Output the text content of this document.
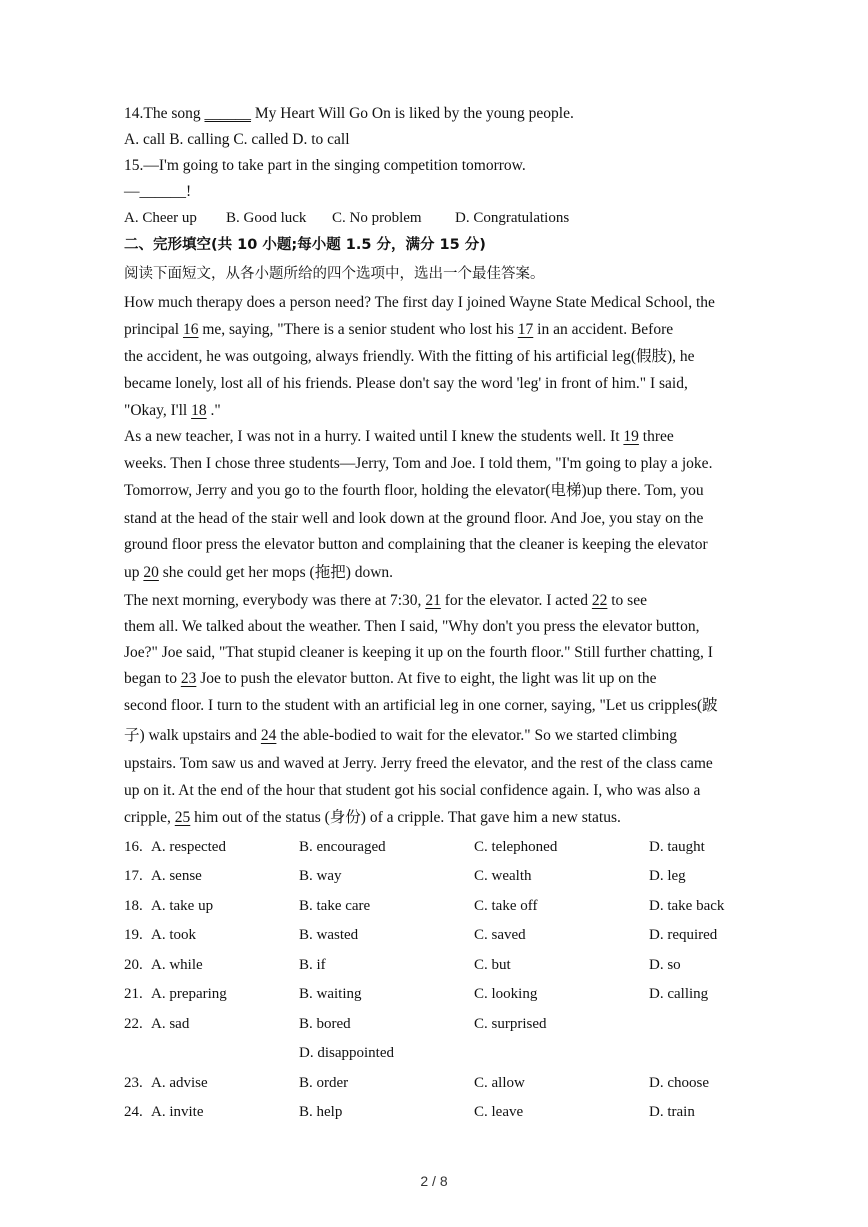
14.The song ______ My Heart Will Go On is liked by the young people.
A. call B. calling C. called D. to call
15.—I'm going to take part in the singing competition tomorrow.
—______!
A. Cheer up B. Good luck C. No problem D. Congratulations
二、完形填空(共 10 小题;每小题 1.5 分，满分 15 分)
阅读下面短文，从各小题所给的四个选项中，选出一个最佳答案。
How much therapy does a person need? The first day I joined Wayne State Medical School, the
principal 16 me, saying, "There is a senior student who lost his 17 in an accident. Before
the accident, he was outgoing, always friendly. With the fitting of his artificial leg(假肢), he
became lonely, lost all of his friends. Please don't say the word 'leg' in front of him." I said,
"Okay, I'll 18 ."
As a new teacher, I was not in a hurry. I waited until I knew the students well. It 19 three
weeks. Then I chose three students—Jerry, Tom and Joe. I told them, "I'm going to play a joke.
Tomorrow, Jerry and you go to the fourth floor, holding the elevator(电梯)up there. Tom, you
stand at the head of the stair well and look down at the ground floor. And Joe, you stay on the
ground floor press the elevator button and complaining that the cleaner is keeping the elevator
up 20 she could get her mops (拖把) down.
The next morning, everybody was there at 7:30, 21 for the elevator. I acted 22 to see
them all. We talked about the weather. Then I said, "Why don't you press the elevator button,
Joe?" Joe said, "That stupid cleaner is keeping it up on the fourth floor." Still further chatting, I
began to 23 Joe to push the elevator button. At five to eight, the light was lit up on the
second floor. I turn to the student with an artificial leg in one corner, saying, "Let us cripples(跛
子) walk upstairs and 24 the able-bodied to wait for the elevator." So we started climbing
upstairs. Tom saw us and waved at Jerry. Jerry freed the elevator, and the rest of the class came
up on it. At the end of the hour that student got his social confidence again. I, who was also a
cripple, 25 him out of the status (身份) of a cripple. That gave him a new status.
16. A. respected	B. encouraged	C. telephoned	D. taught
17. A. sense	B. way	C. wealth	D. leg
18. A. take up	B. take care	C. take off	D. take back
19. A. took	B. wasted	C. saved	D. required
20. A. while	B. if	C. but	D. so
21. A. preparing	B. waiting	C. looking	D. calling
22. A. sad	B. bored	C. surprised
D. disappointed
23. A. advise	B. order	C. allow	D. choose
24. A. invite	B. help	C. leave	D. train
2 / 8
